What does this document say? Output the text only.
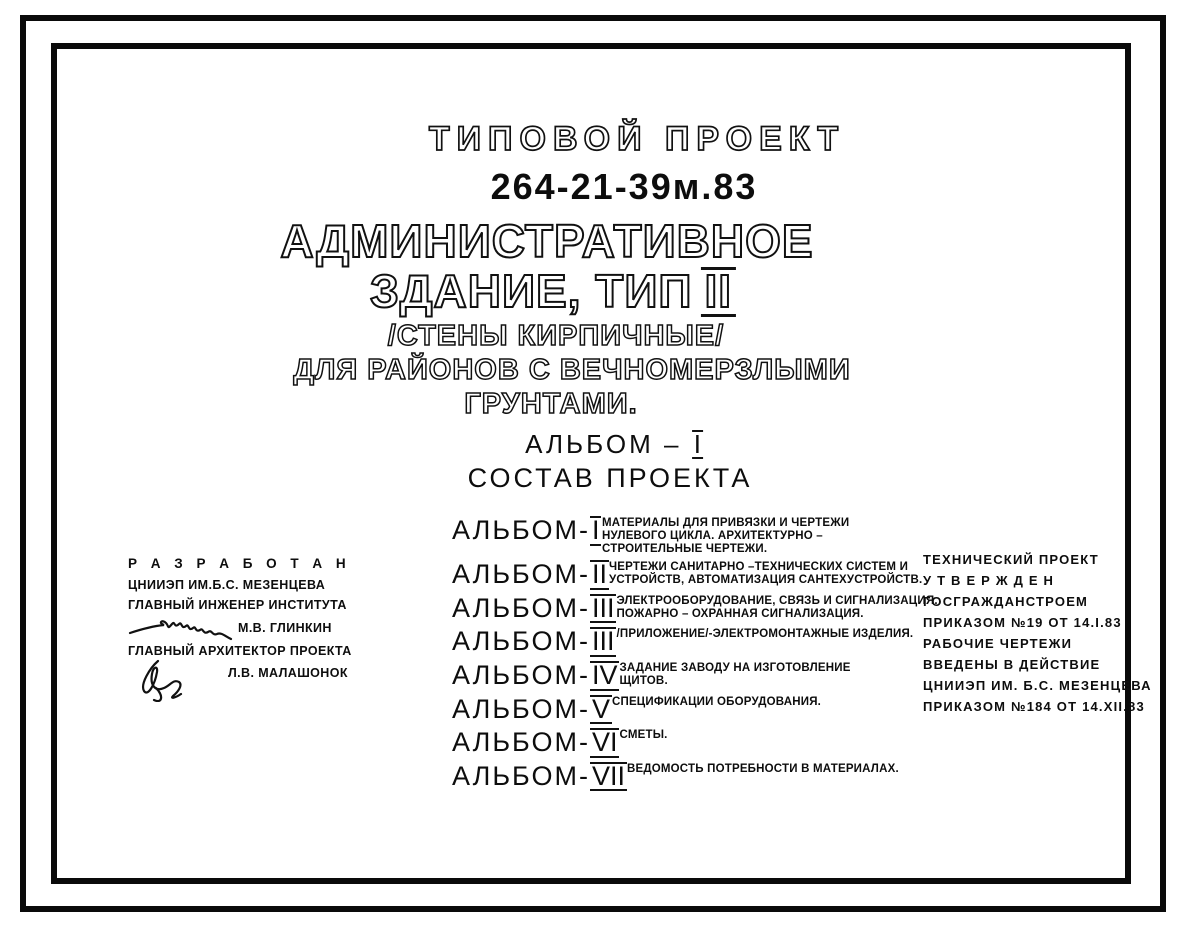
ТИПОВОЙ ПРОЕКТ
264-21-39м.83
АДМИНИСТРАТИВНОЕ
ЗДАНИЕ, ТИП II
/СТЕНЫ КИРПИЧНЫЕ/
ДЛЯ РАЙОНОВ С ВЕЧНОМЕРЗЛЫМИ
ГРУНТАМИ.
АЛЬБОМ – I
СОСТАВ ПРОЕКТА
АЛЬБОМ-I МАТЕРИАЛЫ ДЛЯ ПРИВЯЗКИ И ЧЕРТЕЖИ
НУЛЕВОГО ЦИКЛА. АРХИТЕКТУРНО –
СТРОИТЕЛЬНЫЕ ЧЕРТЕЖИ.
АЛЬБОМ-II ЧЕРТЕЖИ САНИТАРНО –ТЕХНИЧЕСКИХ СИСТЕМ И
УСТРОЙСТВ, АВТОМАТИЗАЦИЯ САНТЕХУСТРОЙСТВ.
АЛЬБОМ-III ЭЛЕКТРООБОРУДОВАНИЕ, СВЯЗЬ И СИГНАЛИЗАЦИЯ.
ПОЖАРНО – ОХРАННАЯ СИГНАЛИЗАЦИЯ.
АЛЬБОМ-III /ПРИЛОЖЕНИЕ/-ЭЛЕКТРОМОНТАЖНЫЕ ИЗДЕЛИЯ.
АЛЬБОМ-IV ЗАДАНИЕ ЗАВОДУ НА ИЗГОТОВЛЕНИЕ
ЩИТОВ.
АЛЬБОМ-V СПЕЦИФИКАЦИИ ОБОРУДОВАНИЯ.
АЛЬБОМ-VI СМЕТЫ.
АЛЬБОМ-VII ВЕДОМОСТЬ ПОТРЕБНОСТИ В МАТЕРИАЛАХ.
Р А З Р А Б О Т А Н
ЦНИИЭП ИМ.Б.С. МЕЗЕНЦЕВА
ГЛАВНЫЙ ИНЖЕНЕР ИНСТИТУТА
М.В. ГЛИНКИН
ГЛАВНЫЙ АРХИТЕКТОР ПРОЕКТА
Л.В. МАЛАШОНОК
ТЕХНИЧЕСКИЙ ПРОЕКТ
У Т В Е Р Ж Д Е Н
ГОСГРАЖДАНСТРОЕМ
ПРИКАЗОМ №19 ОТ 14.I.83
РАБОЧИЕ ЧЕРТЕЖИ
ВВЕДЕНЫ В ДЕЙСТВИЕ
ЦНИИЭП ИМ. Б.С. МЕЗЕНЦЕВА
ПРИКАЗОМ №184 ОТ 14.XII.83
